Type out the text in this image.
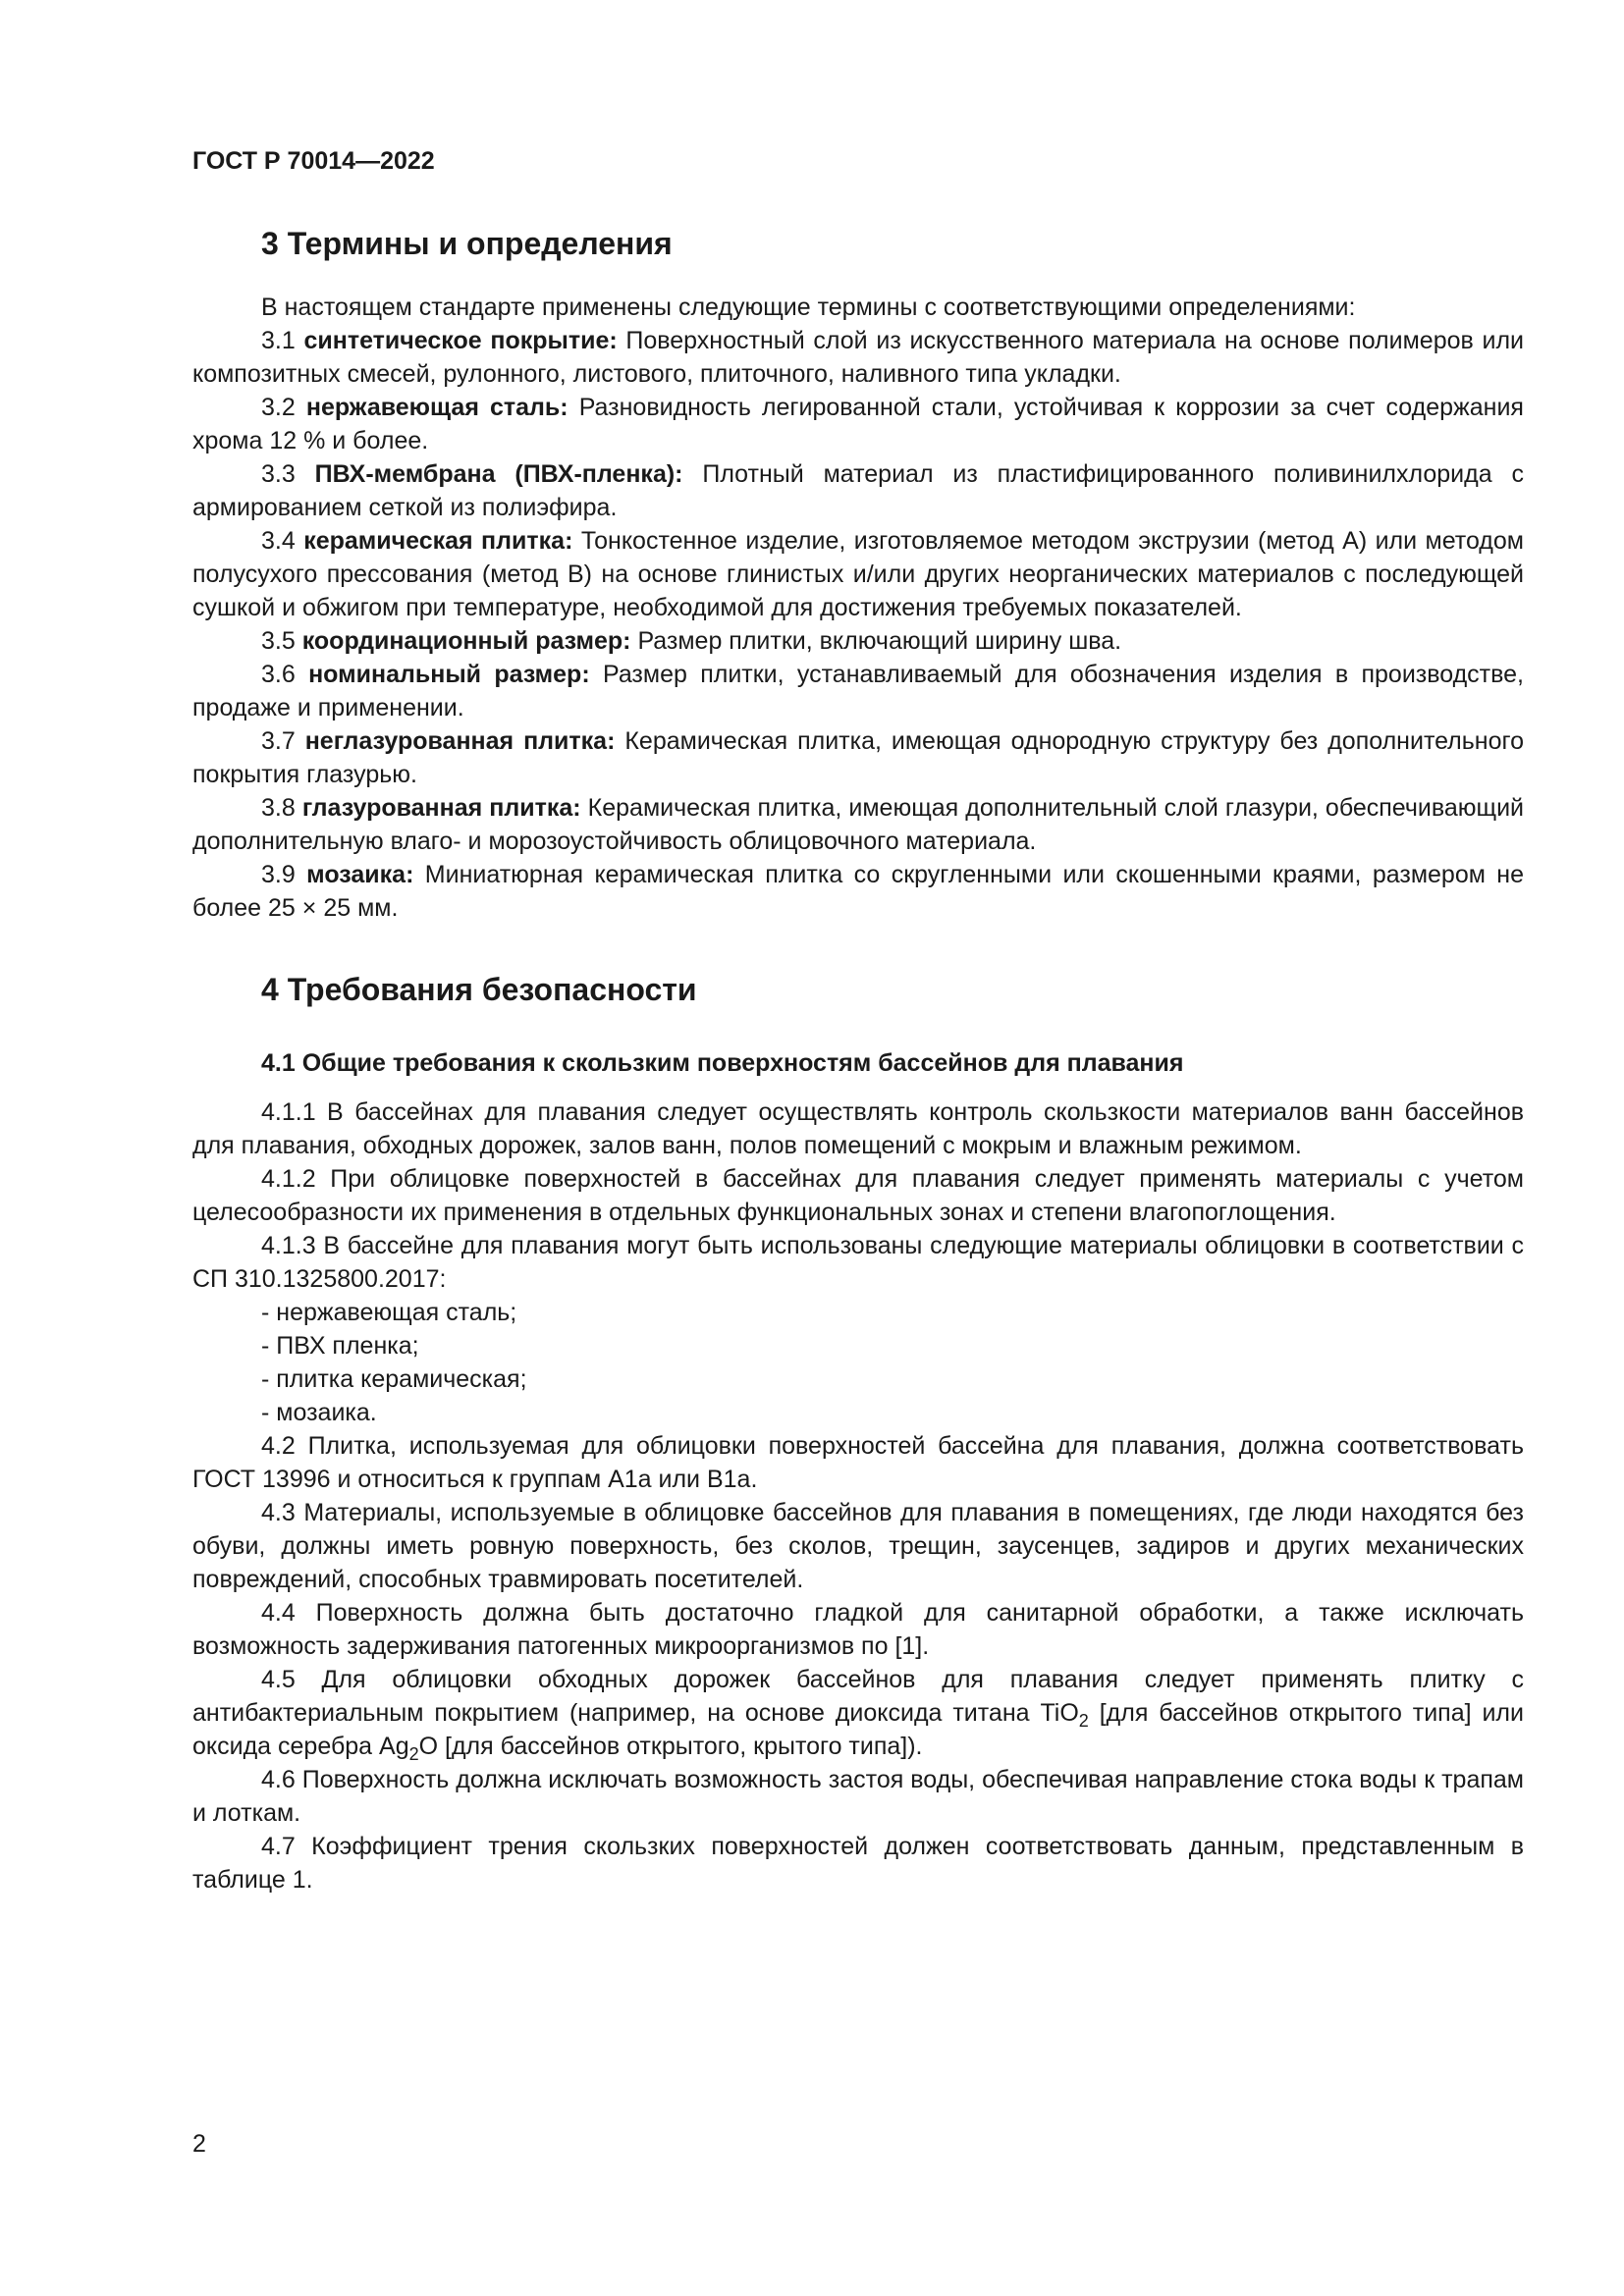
ГОСТ Р 70014—2022
3 Термины и определения

В настоящем стандарте применены следующие термины с соответствующими определениями:

3.1 синтетическое покрытие: Поверхностный слой из искусственного материала на основе полимеров или композитных смесей, рулонного, листового, плиточного, наливного типа укладки.

3.2 нержавеющая сталь: Разновидность легированной стали, устойчивая к коррозии за счет содержания хрома 12 % и более.

3.3 ПВХ-мембрана (ПВХ-пленка): Плотный материал из пластифицированного поливинилхлорида с армированием сеткой из полиэфира.

3.4 керамическая плитка: Тонкостенное изделие, изготовляемое методом экструзии (метод A) или методом полусухого прессования (метод B) на основе глинистых и/или других неорганических материалов с последующей сушкой и обжигом при температуре, необходимой для достижения требуемых показателей.

3.5 координационный размер: Размер плитки, включающий ширину шва.

3.6 номинальный размер: Размер плитки, устанавливаемый для обозначения изделия в производстве, продаже и применении.

3.7 неглазурованная плитка: Керамическая плитка, имеющая однородную структуру без дополнительного покрытия глазурью.

3.8 глазурованная плитка: Керамическая плитка, имеющая дополнительный слой глазури, обеспечивающий дополнительную влаго- и морозоустойчивость облицовочного материала.

3.9 мозаика: Миниатюрная керамическая плитка со скругленными или скошенными краями, размером не более 25 × 25 мм.

4 Требования безопасности
4.1 Общие требования к скользким поверхностям бассейнов для плавания

4.1.1 В бассейнах для плавания следует осуществлять контроль скользкости материалов ванн бассейнов для плавания, обходных дорожек, залов ванн, полов помещений с мокрым и влажным режимом.

4.1.2 При облицовке поверхностей в бассейнах для плавания следует применять материалы с учетом целесообразности их применения в отдельных функциональных зонах и степени влагопоглощения.

4.1.3 В бассейне для плавания могут быть использованы следующие материалы облицовки в соответствии с СП 310.1325800.2017:

- нержавеющая сталь;

- ПВХ пленка;

- плитка керамическая;

- мозаика.

4.2 Плитка, используемая для облицовки поверхностей бассейна для плавания, должна соответствовать ГОСТ 13996 и относиться к группам A1a или B1a.

4.3 Материалы, используемые в облицовке бассейнов для плавания в помещениях, где люди находятся без обуви, должны иметь ровную поверхность, без сколов, трещин, заусенцев, задиров и других механических повреждений, способных травмировать посетителей.

4.4 Поверхность должна быть достаточно гладкой для санитарной обработки, а также исключать возможность задерживания патогенных микроорганизмов по [1].

4.5 Для облицовки обходных дорожек бассейнов для плавания следует применять плитку с антибактериальным покрытием (например, на основе диоксида титана TiO$_2$ [для бассейнов открытого типа] или оксида серебра $Ag_2O$ [для бассейнов открытого, крытого типа]).

4.6 Поверхность должна исключать возможность застоя воды, обеспечивая направление стока воды к трапам и лоткам.

4.7 Коэффициент трения скользких поверхностей должен соответствовать данным, представленным в таблице 1.

2
